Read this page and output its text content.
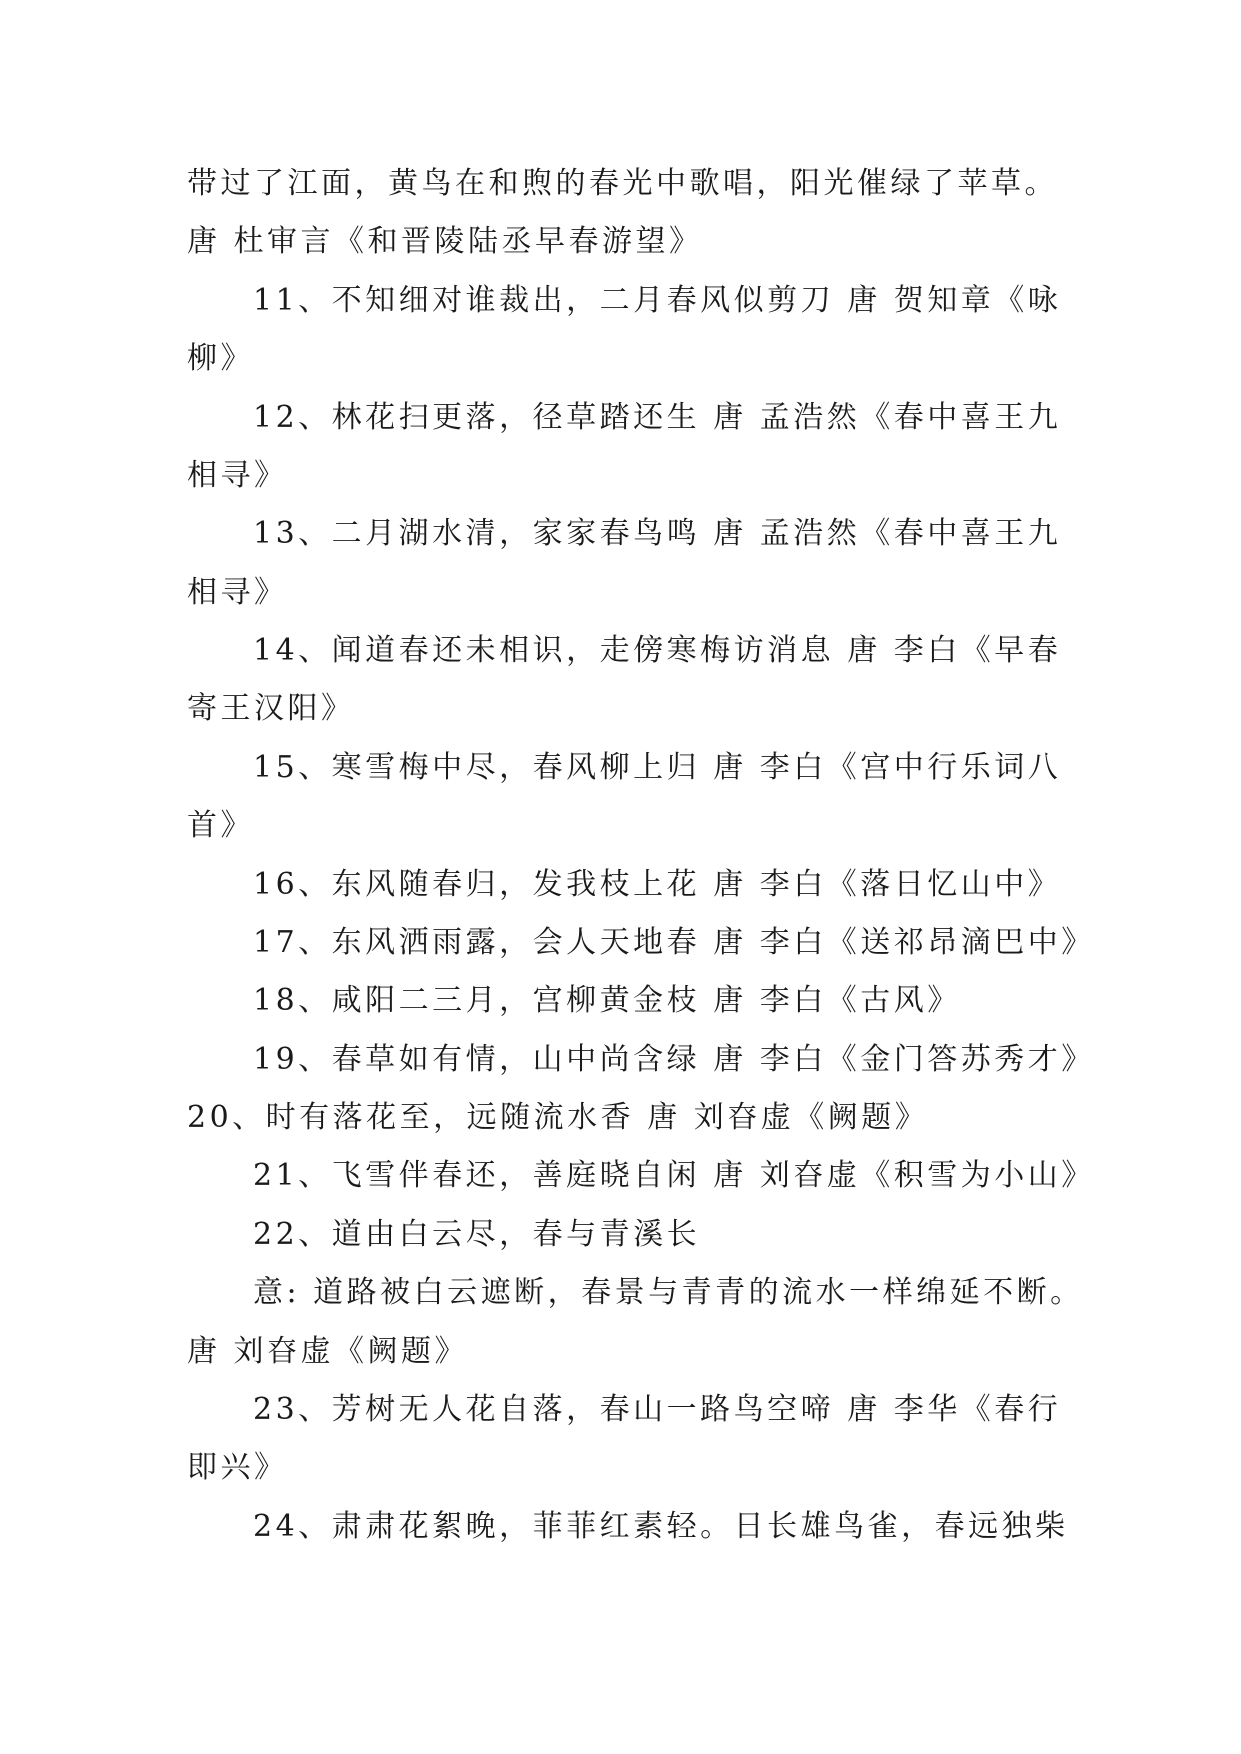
带过了江面，黄鸟在和煦的春光中歌唱，阳光催绿了苹草。

唐 杜审言《和晋陵陆丞早春游望》

11、不知细对谁裁出，二月春风似剪刀 唐 贺知章《咏

柳》

12、林花扫更落，径草踏还生 唐 孟浩然《春中喜王九

相寻》

13、二月湖水清，家家春鸟鸣 唐 孟浩然《春中喜王九

相寻》

14、闻道春还未相识，走傍寒梅访消息 唐 李白《早春

寄王汉阳》

15、寒雪梅中尽，春风柳上归 唐 李白《宫中行乐词八

首》

16、东风随春归，发我枝上花 唐 李白《落日忆山中》

17、东风洒雨露，会人天地春 唐 李白《送祁昂滴巴中》

18、咸阳二三月，宫柳黄金枝 唐 李白《古风》

19、春草如有情，山中尚含绿 唐 李白《金门答苏秀才》

20、时有落花至，远随流水香 唐 刘昚虚《阙题》

21、飞雪伴春还，善庭晓自闲 唐 刘昚虚《积雪为小山》

22、道由白云尽，春与青溪长

意: 道路被白云遮断，春景与青青的流水一样绵延不断。

唐 刘昚虚《阙题》

23、芳树无人花自落，春山一路鸟空啼 唐 李华《春行

即兴》

24、肃肃花絮晚，菲菲红素轻。日长雄鸟雀，春远独柴
